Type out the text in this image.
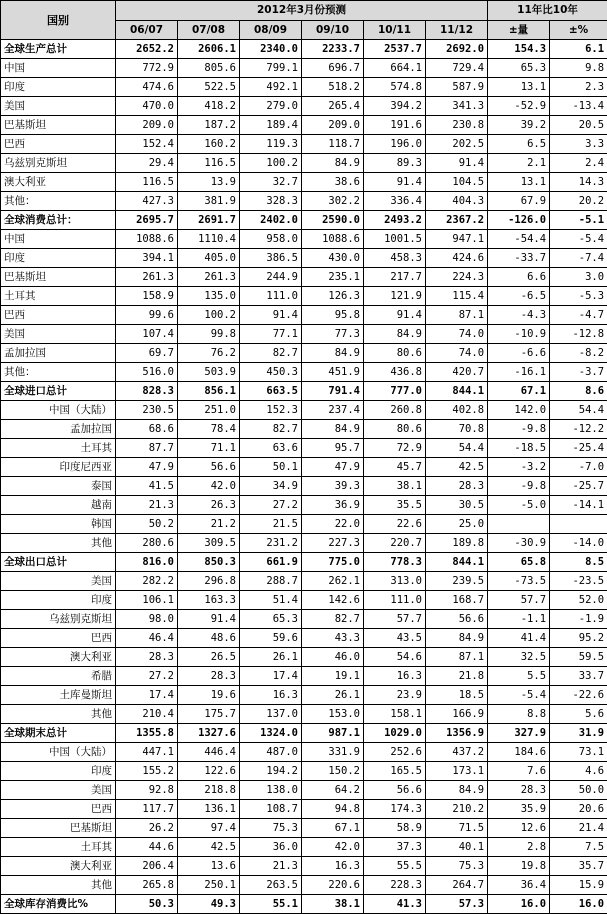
国别	2012年3月份预测						11年比10年	
	06/07	07/08	08/09	09/10	10/11	11/12	±量	±%
全球生产总计	2652.2	2606.1	2340.0	2233.7	2537.7	2692.0	154.3	6.1
中国	772.9	805.6	799.1	696.7	664.1	729.4	65.3	9.8
印度	474.6	522.5	492.1	518.2	574.8	587.9	13.1	2.3
美国	470.0	418.2	279.0	265.4	394.2	341.3	-52.9	-13.4
巴基斯坦	209.0	187.2	189.4	209.0	191.6	230.8	39.2	20.5
巴西	152.4	160.2	119.3	118.7	196.0	202.5	6.5	3.3
乌兹别克斯坦	29.4	116.5	100.2	84.9	89.3	91.4	2.1	2.4
澳大利亚	116.5	13.9	32.7	38.6	91.4	104.5	13.1	14.3
其他：	427.3	381.9	328.3	302.2	336.4	404.3	67.9	20.2
全球消费总计：	2695.7	2691.7	2402.0	2590.0	2493.2	2367.2	-126.0	-5.1
中国	1088.6	1110.4	958.0	1088.6	1001.5	947.1	-54.4	-5.4
印度	394.1	405.0	386.5	430.0	458.3	424.6	-33.7	-7.4
巴基斯坦	261.3	261.3	244.9	235.1	217.7	224.3	6.6	3.0
土耳其	158.9	135.0	111.0	126.3	121.9	115.4	-6.5	-5.3
巴西	99.6	100.2	91.4	95.8	91.4	87.1	-4.3	-4.7
美国	107.4	99.8	77.1	77.3	84.9	74.0	-10.9	-12.8
孟加拉国	69.7	76.2	82.7	84.9	80.6	74.0	-6.6	-8.2
其他：	516.0	503.9	450.3	451.9	436.8	420.7	-16.1	-3.7
全球进口总计	828.3	856.1	663.5	791.4	777.0	844.1	67.1	8.6
中国（大陆）	230.5	251.0	152.3	237.4	260.8	402.8	142.0	54.4
孟加拉国	68.6	78.4	82.7	84.9	80.6	70.8	-9.8	-12.2
土耳其	87.7	71.1	63.6	95.7	72.9	54.4	-18.5	-25.4
印度尼西亚	47.9	56.6	50.1	47.9	45.7	42.5	-3.2	-7.0
泰国	41.5	42.0	34.9	39.3	38.1	28.3	-9.8	-25.7
越南	21.3	26.3	27.2	36.9	35.5	30.5	-5.0	-14.1
韩国	50.2	21.2	21.5	22.0	22.6	25.0		
其他	280.6	309.5	231.2	227.3	220.7	189.8	-30.9	-14.0
全球出口总计	816.0	850.3	661.9	775.0	778.3	844.1	65.8	8.5
美国	282.2	296.8	288.7	262.1	313.0	239.5	-73.5	-23.5
印度	106.1	163.3	51.4	142.6	111.0	168.7	57.7	52.0
乌兹别克斯坦	98.0	91.4	65.3	82.7	57.7	56.6	-1.1	-1.9
巴西	46.4	48.6	59.6	43.3	43.5	84.9	41.4	95.2
澳大利亚	28.3	26.5	26.1	46.0	54.6	87.1	32.5	59.5
希腊	27.2	28.3	17.4	19.1	16.3	21.8	5.5	33.7
土库曼斯坦	17.4	19.6	16.3	26.1	23.9	18.5	-5.4	-22.6
其他	210.4	175.7	137.0	153.0	158.1	166.9	8.8	5.6
全球期末总计	1355.8	1327.6	1324.0	987.1	1029.0	1356.9	327.9	31.9
中国（大陆）	447.1	446.4	487.0	331.9	252.6	437.2	184.6	73.1
印度	155.2	122.6	194.2	150.2	165.5	173.1	7.6	4.6
美国	92.8	218.8	138.0	64.2	56.6	84.9	28.3	50.0
巴西	117.7	136.1	108.7	94.8	174.3	210.2	35.9	20.6
巴基斯坦	26.2	97.4	75.3	67.1	58.9	71.5	12.6	21.4
土耳其	44.6	42.5	36.0	42.0	37.3	40.1	2.8	7.5
澳大利亚	206.4	13.6	21.3	16.3	55.5	75.3	19.8	35.7
其他	265.8	250.1	263.5	220.6	228.3	264.7	36.4	15.9
全球库存消费比%	50.3	49.3	55.1	38.1	41.3	57.3	16.0	16.0
